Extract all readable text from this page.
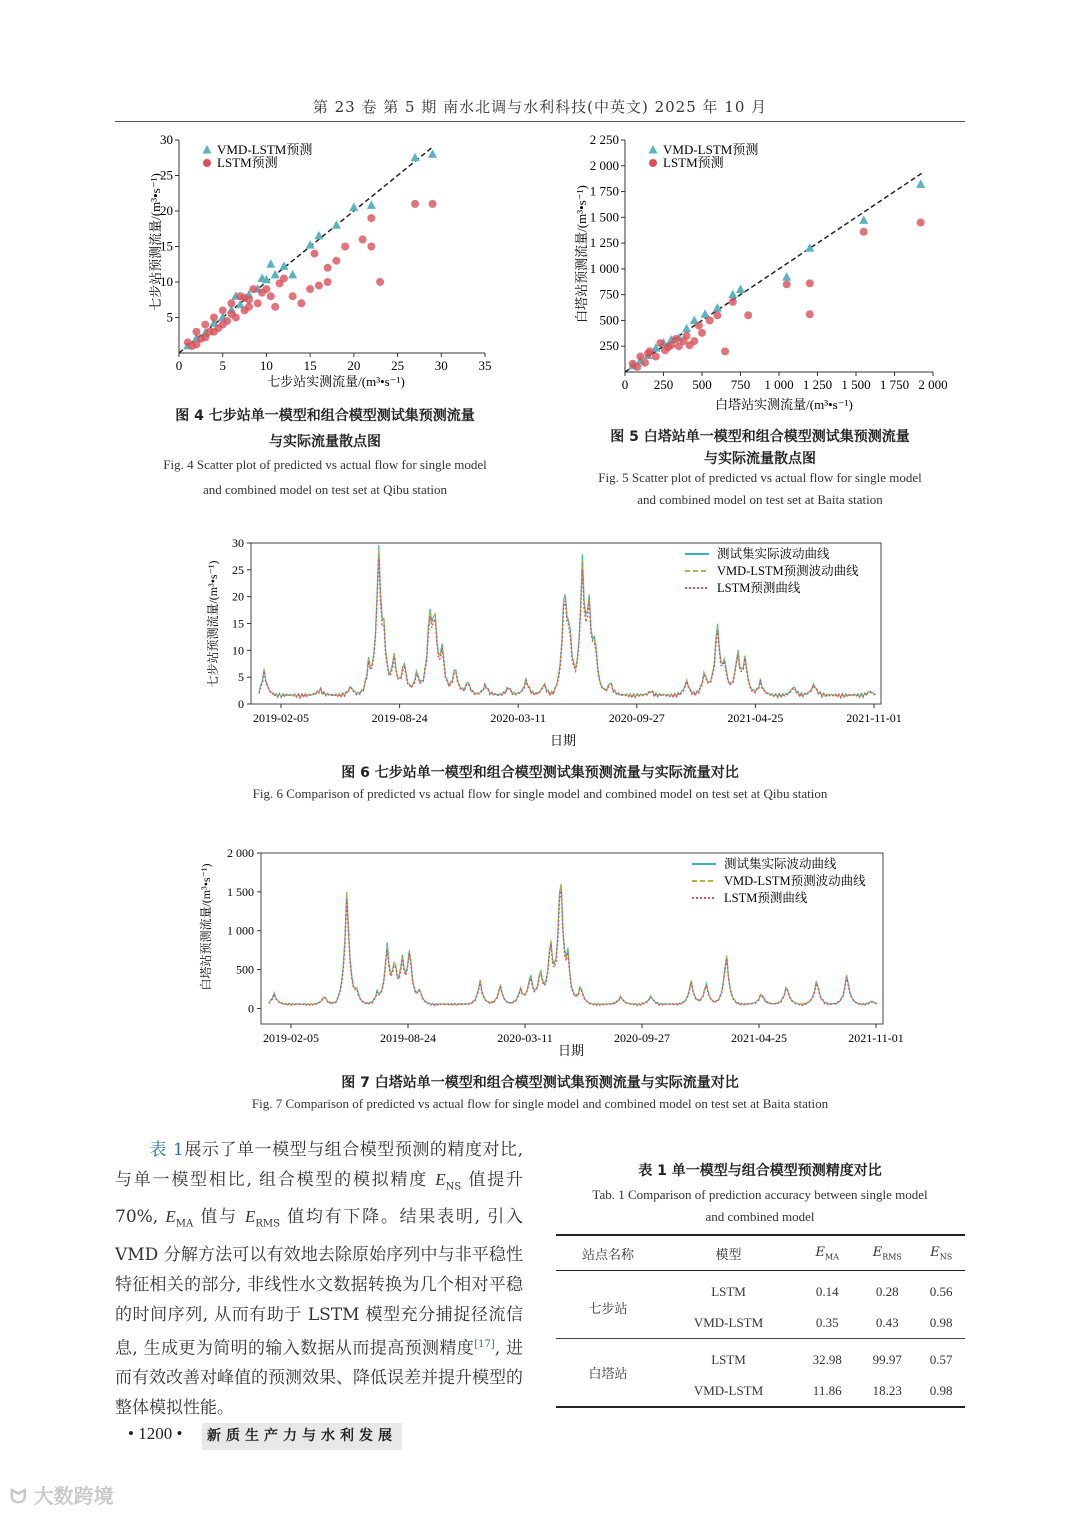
第 23 卷 第 5 期 南水北调与水利科技(中英文) 2025 年 10 月
0	5	10 15 20 25 30 35
5
10
15
20
25
30
VMD-LSTM预测
LSTM预测
七步站实测流量/(m³•s⁻¹)
七步站预测流量/(m³•s⁻¹)
图 4 七步站单一模型和组合模型测试集预测流量
与实际流量散点图
Fig. 4 Scatter plot of predicted vs actual flow for single model
and combined model on test set at Qibu station
0 250 500 750 1 000 1 250 1 500 1 750 2 000
250
500
750
1 000
1 250
1 500
1 750
2 000
2 250
VMD-LSTM预测
LSTM预测
白塔站实测流量/(m³•s⁻¹)
白塔站预测流量/(m³•s⁻¹)
图 5 白塔站单一模型和组合模型测试集预测流量
与实际流量散点图
Fig. 5 Scatter plot of predicted vs actual flow for single model
and combined model on test set at Baita station
2019-02-05	2019-08-24	2020-03-11	2020-09-27	2021-04-25	2021-11-01
0
5
10
15
20
25
30
测试集实际波动曲线
VMD-LSTM预测波动曲线
LSTM预测曲线
日期
七步站预测流量/(m³•s⁻¹)
图 6 七步站单一模型和组合模型测试集预测流量与实际流量对比
Fig. 6 Comparison of predicted vs actual flow for single model and combined model on test set at Qibu station
2019-02-05	2019-08-24	2020-03-11	2020-09-27	2021-04-25	2021-11-01
0
500
1 000
1 500
2 000
测试集实际波动曲线
VMD-LSTM预测波动曲线
LSTM预测曲线
日期
白塔站预测流量/(m³•s⁻¹)
图 7 白塔站单一模型和组合模型测试集预测流量与实际流量对比
Fig. 7 Comparison of predicted vs actual flow for single model and combined model on test set at Baita station
  表 1展示了单一模型与组合模型预测的精度对比, 与单一模型相比, 组合模型的模拟精度 $E_{NS}$ 值提升 70%, $E_{MA}$ 值与 $E_{RMS}$ 值均有下降。结果表明, 引入 VMD 分解方法可以有效地去除原始序列中与非平稳性特征相关的部分, 非线性水文数据转换为几个相对平稳的时间序列, 从而有助于 LSTM 模型充分捕捉径流信息, 生成更为简明的输入数据从而提高预测精度[17], 进而有效改善对峰值的预测效果、降低误差并提升模型的整体模拟性能。
表 1 单一模型与组合模型预测精度对比
Tab. 1 Comparison of prediction accuracy between single model
and combined model
站点名称	模型	$E_{MA}$	$E_{RMS}$	$E_{NS}$
七步站	LSTM	0.14	0.28	0.56
	VMD-LSTM	0.35	0.43	0.98
白塔站	LSTM	32.98	99.97	0.57
	VMD-LSTM	11.86	18.23	0.98
• 1200 •	新质生产力与水利发展
ᗢ 大数跨境
